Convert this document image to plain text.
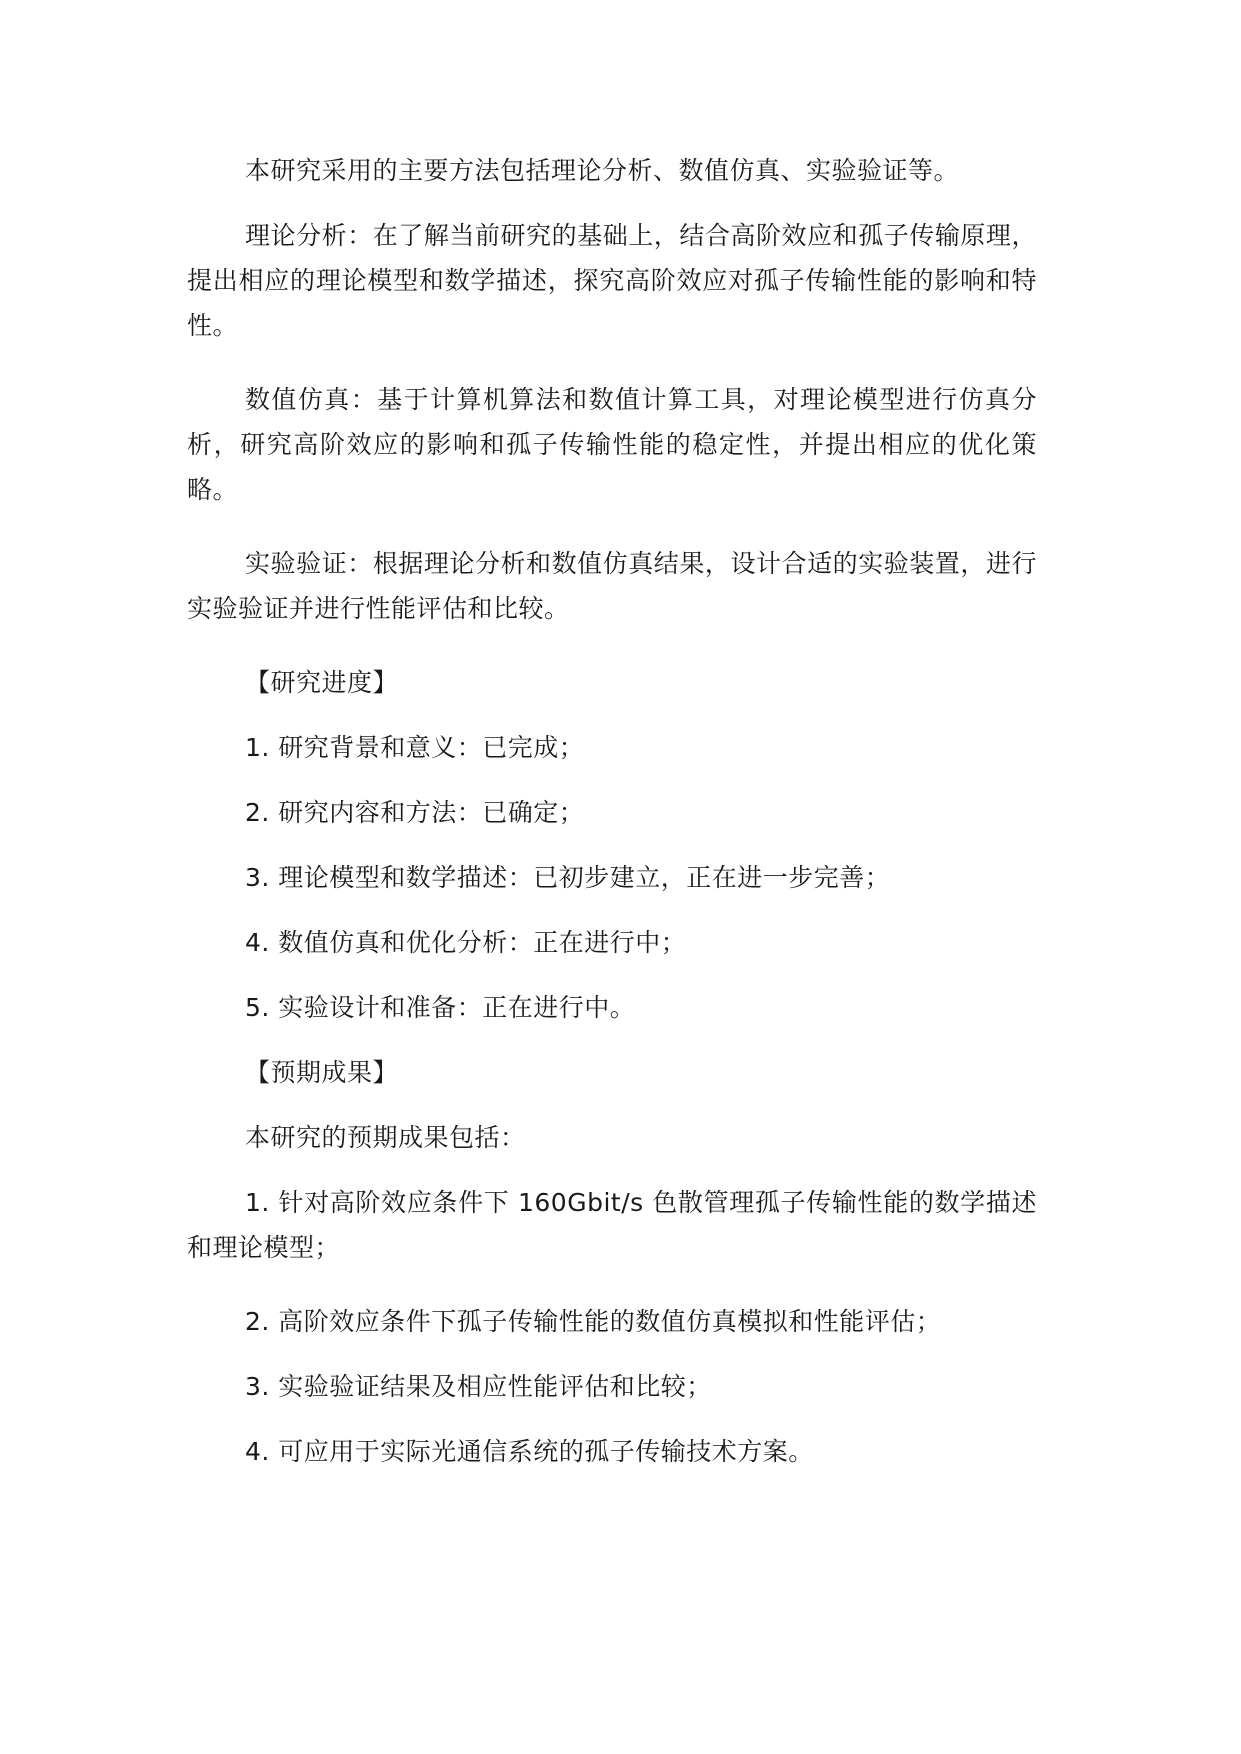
本研究采用的主要方法包括理论分析、数值仿真、实验验证等。

理论分析：在了解当前研究的基础上，结合高阶效应和孤子传输原理，提出相应的理论模型和数学描述，探究高阶效应对孤子传输性能的影响和特性。

数值仿真：基于计算机算法和数值计算工具，对理论模型进行仿真分析，研究高阶效应的影响和孤子传输性能的稳定性，并提出相应的优化策略。

实验验证：根据理论分析和数值仿真结果，设计合适的实验装置，进行实验验证并进行性能评估和比较。

【研究进度】

1. 研究背景和意义：已完成；

2. 研究内容和方法：已确定；

3. 理论模型和数学描述：已初步建立，正在进一步完善；

4. 数值仿真和优化分析：正在进行中；

5. 实验设计和准备：正在进行中。

【预期成果】

本研究的预期成果包括：

1. 针对高阶效应条件下 160Gbit/s 色散管理孤子传输性能的数学描述和理论模型；

2. 高阶效应条件下孤子传输性能的数值仿真模拟和性能评估；

3. 实验验证结果及相应性能评估和比较；

4. 可应用于实际光通信系统的孤子传输技术方案。
